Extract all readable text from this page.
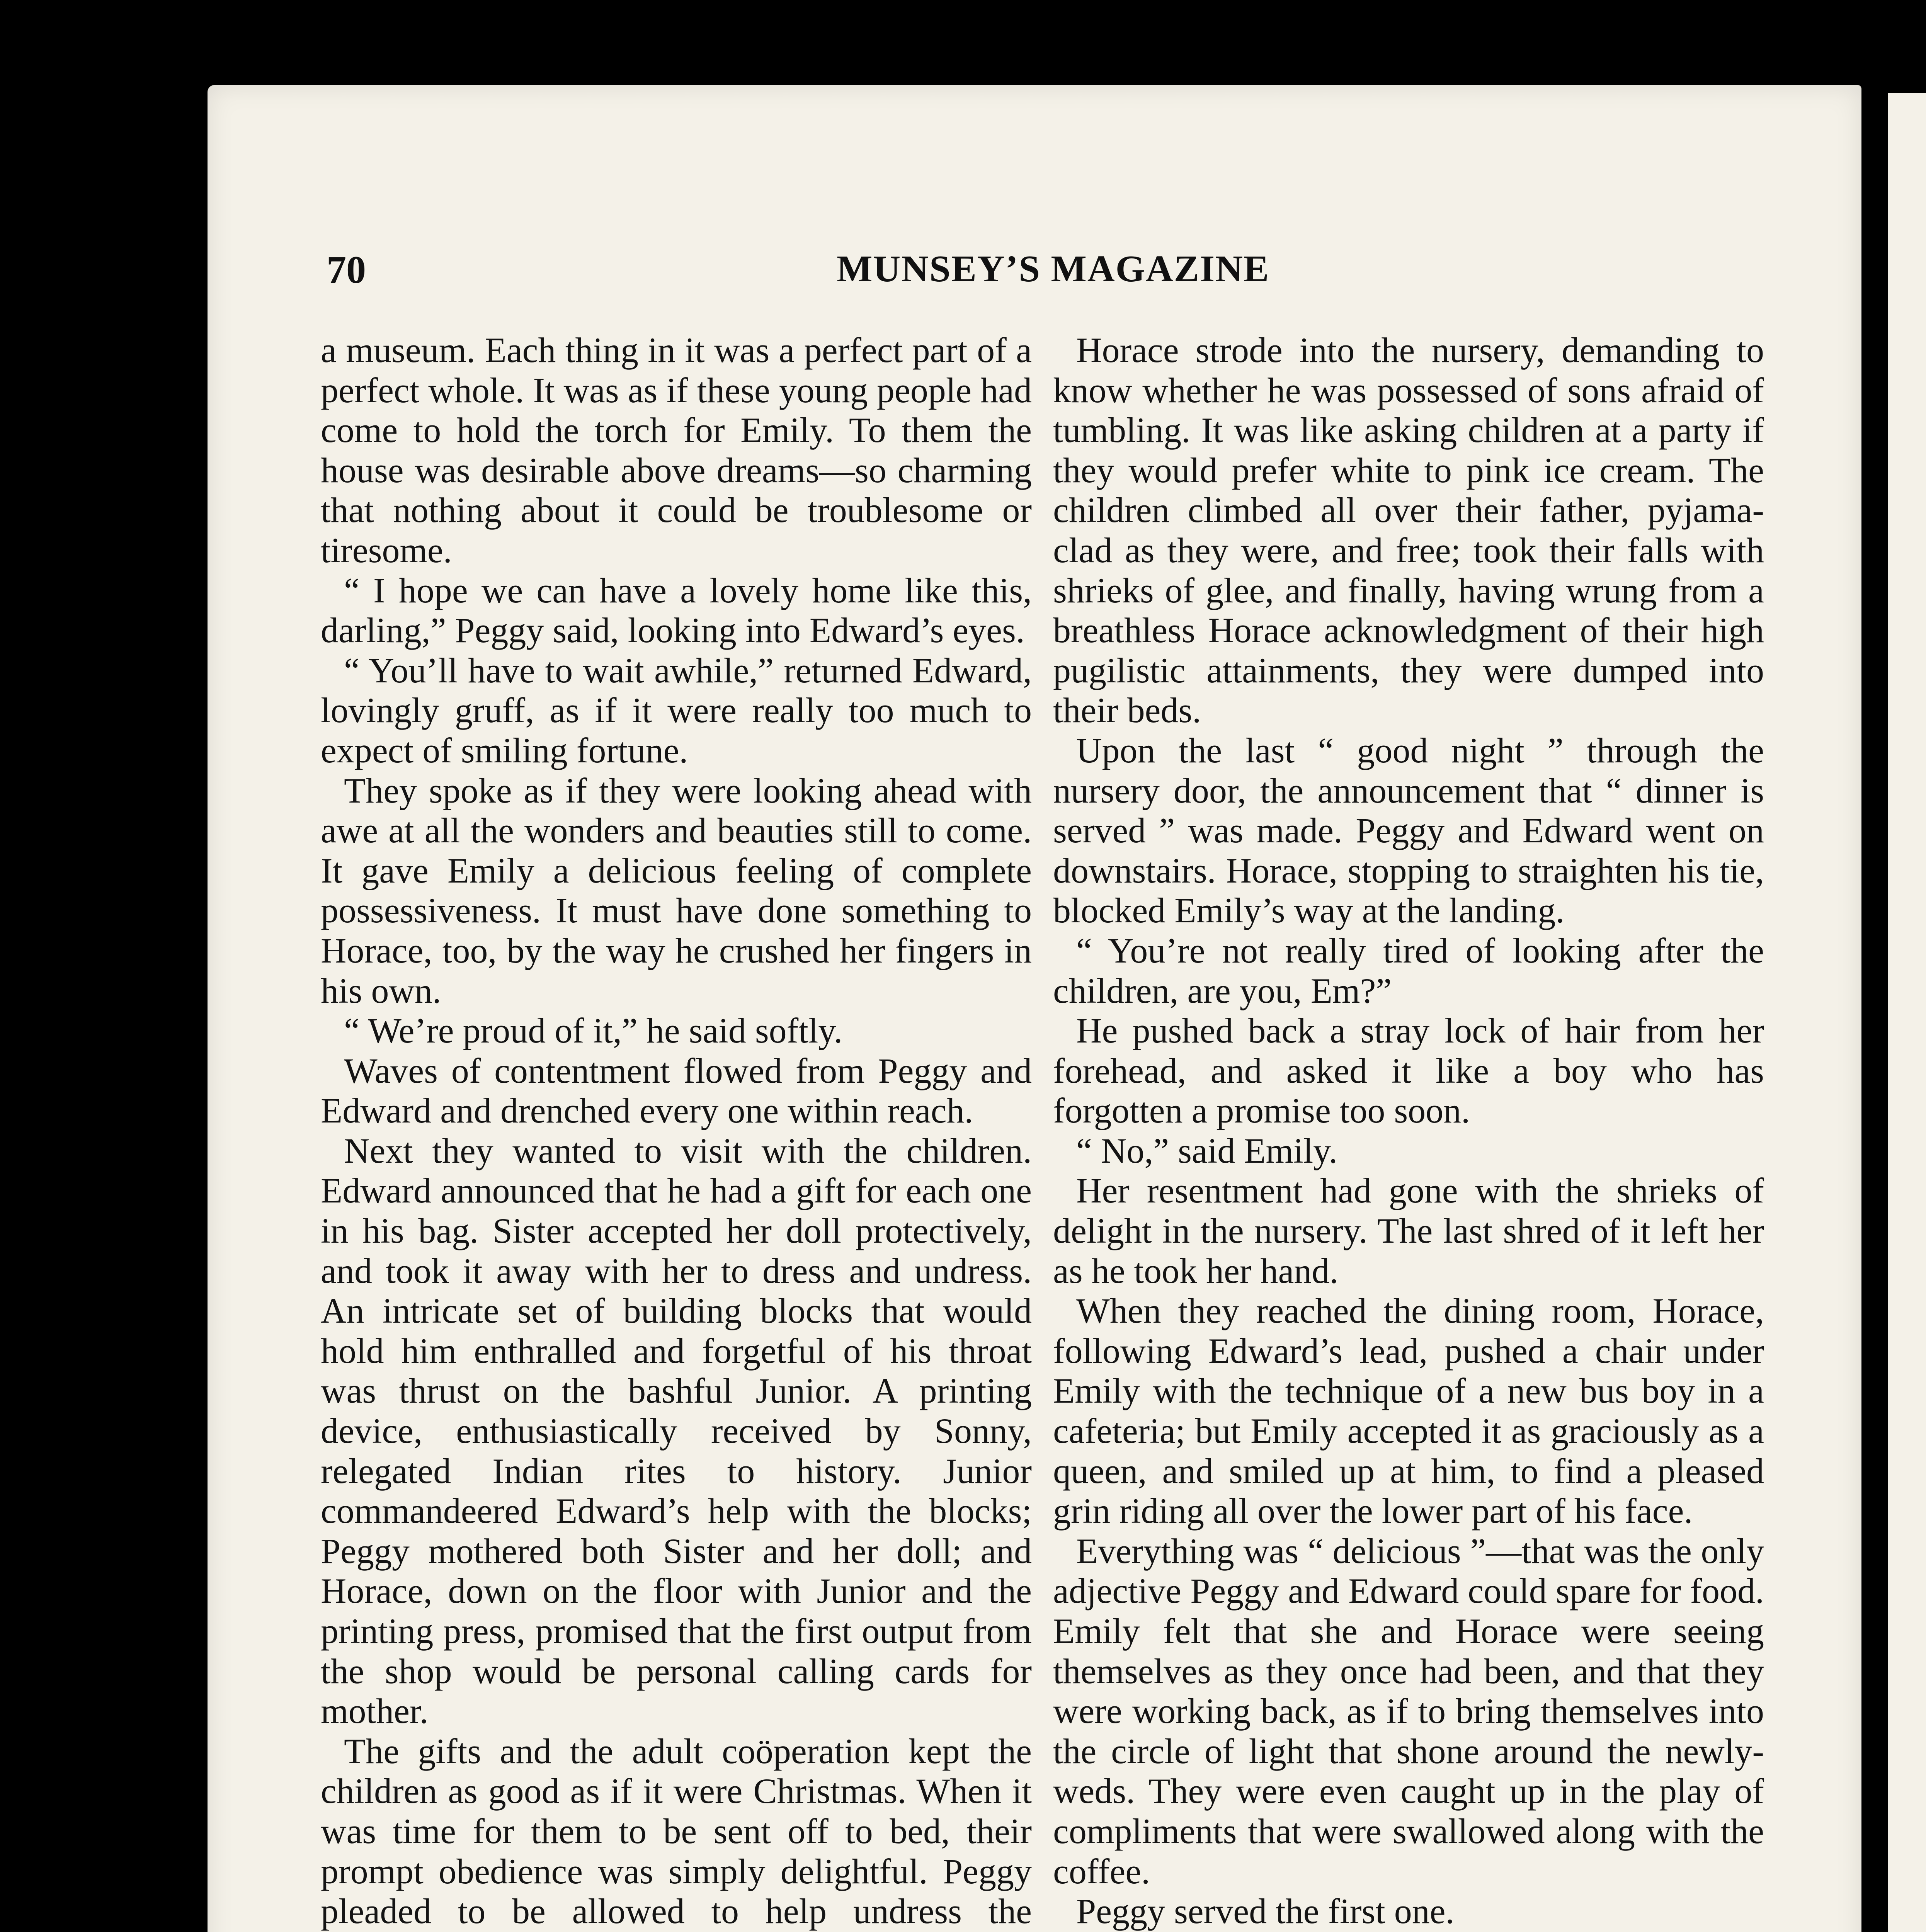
70	MUNSEY’S MAGAZINE

a museum. Each thing in it was a perfect part of a perfect whole. It was as if these young people had come to hold the torch for Emily. To them the house was desirable above dreams—so charming that nothing about it could be troublesome or tiresome.

“ I hope we can have a lovely home like this, darling,” Peggy said, looking into Edward’s eyes.

“ You’ll have to wait awhile,” returned Edward, lovingly gruff, as if it were really too much to expect of smiling fortune.

They spoke as if they were looking ahead with awe at all the wonders and beauties still to come. It gave Emily a delicious feeling of complete possessiveness. It must have done something to Horace, too, by the way he crushed her fingers in his own.

“ We’re proud of it,” he said softly.

Waves of contentment flowed from Peggy and Edward and drenched every one within reach.

Next they wanted to visit with the children. Edward announced that he had a gift for each one in his bag. Sister accepted her doll protectively, and took it away with her to dress and undress. An intricate set of building blocks that would hold him enthralled and forgetful of his throat was thrust on the bashful Junior. A printing device, enthusiastically received by Sonny, relegated Indian rites to history. Junior commandeered Edward’s help with the blocks; Peggy mothered both Sister and her doll; and Horace, down on the floor with Junior and the printing press, promised that the first output from the shop would be personal calling cards for mother.

The gifts and the adult coöperation kept the children as good as if it were Christmas. When it was time for them to be sent off to bed, their prompt obedience was simply delightful. Peggy pleaded to be allowed to help undress the

Horace strode into the nursery, demanding to know whether he was possessed of sons afraid of tumbling. It was like asking children at a party if they would prefer white to pink ice cream. The children climbed all over their father, pyjama-clad as they were, and free; took their falls with shrieks of glee, and finally, having wrung from a breathless Horace acknowledgment of their high pugilistic attainments, they were dumped into their beds.

Upon the last “ good night ” through the nursery door, the announcement that “ dinner is served ” was made. Peggy and Edward went on downstairs. Horace, stopping to straighten his tie, blocked Emily’s way at the landing.

“ You’re not really tired of looking after the children, are you, Em?”

He pushed back a stray lock of hair from her forehead, and asked it like a boy who has forgotten a promise too soon.

“ No,” said Emily.

Her resentment had gone with the shrieks of delight in the nursery. The last shred of it left her as he took her hand.

When they reached the dining room, Horace, following Edward’s lead, pushed a chair under Emily with the technique of a new bus boy in a cafeteria; but Emily accepted it as graciously as a queen, and smiled up at him, to find a pleased grin riding all over the lower part of his face.

Everything was “ delicious ”—that was the only adjective Peggy and Edward could spare for food. Emily felt that she and Horace were seeing themselves as they once had been, and that they were working back, as if to bring themselves into the circle of light that shone around the newly-weds. They were even caught up in the play of compliments that were swallowed along with the coffee.

Peggy served the first one.
